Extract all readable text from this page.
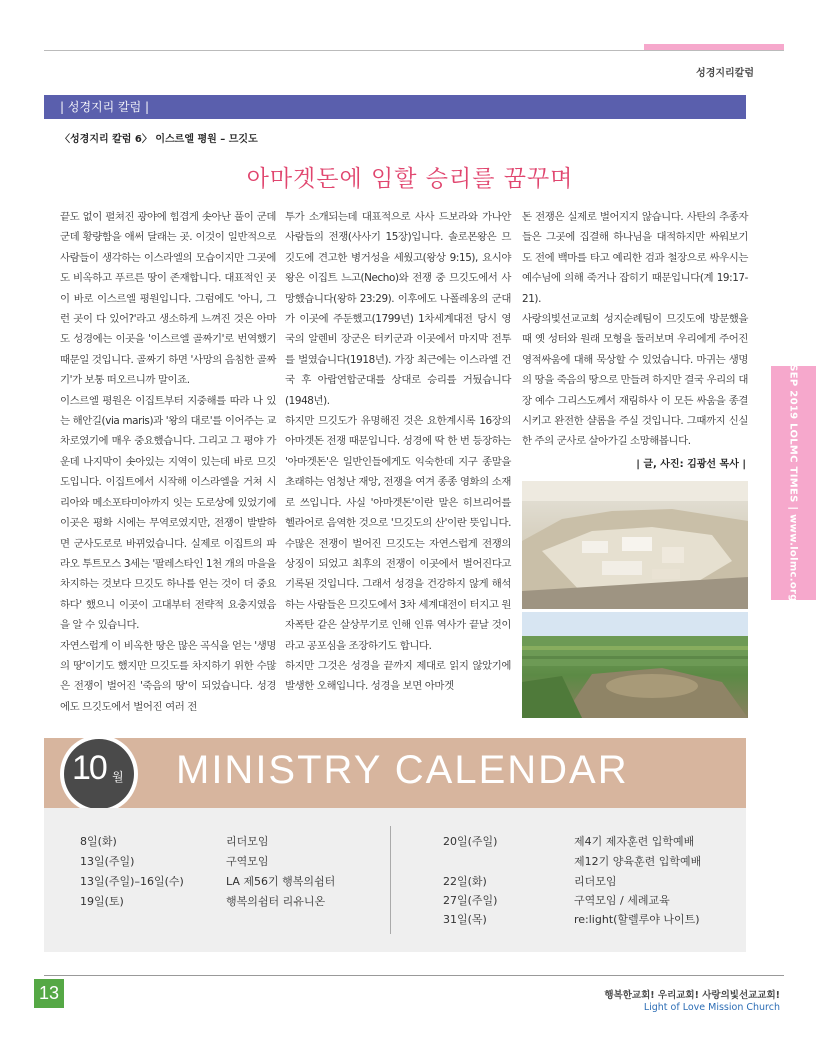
성경지리칼럼
| 성경지리 칼럼 |
〈성경지리 칼럼 6〉 이스르엘 평원 – 므깃도
아마겟돈에 임할 승리를 꿈꾸며
끝도 없이 펼쳐진 광야에 힘겹게 솟아난 풀이 군데군데 황량함을 애써 달래는 곳. 이것이 일반적으로 사람들이 생각하는 이스라엘의 모습이지만 그곳에도 비옥하고 푸르른 땅이 존재합니다. 대표적인 곳이 바로 이스르엘 평원입니다. 그럼에도 '아니, 그런 곳이 다 있어?'라고 생소하게 느껴진 것은 아마도 성경에는 이곳을 '이스르엘 골짜기'로 번역했기 때문일 것입니다. 골짜기 하면 '사망의 음침한 골짜기'가 보통 떠오르니까 말이죠.
이스르엘 평원은 이집트부터 지중해를 따라 나 있는 해안길(via maris)과 '왕의 대로'를 이어주는 교차로였기에 매우 중요했습니다. 그리고 그 평야 가운데 나지막이 솟아있는 지역이 있는데 바로 므깃도입니다. 이집트에서 시작해 이스라엘을 거쳐 시리아와 메소포타미아까지 잇는 도로상에 있었기에 이곳은 평화 시에는 무역로였지만, 전쟁이 발발하면 군사도로로 바뀌었습니다. 실제로 이집트의 파라오 투트모스 3세는 '팔레스타인 1천 개의 마을을 차지하는 것보다 므깃도 하나를 얻는 것이 더 중요하다' 했으니 이곳이 고대부터 전략적 요충지였음을 알 수 있습니다.
자연스럽게 이 비옥한 땅은 많은 곡식을 얻는 '생명의 땅'이기도 했지만 므깃도를 차지하기 위한 수많은 전쟁이 벌어진 '죽음의 땅'이 되었습니다. 성경에도 므깃도에서 벌어진 여러 전
투가 소개되는데 대표적으로 사사 드보라와 가나안 사람들의 전쟁(사사기 15장)입니다. 솔로몬왕은 므깃도에 견고한 병거성을 세웠고(왕상 9:15), 요시야왕은 이집트 느고(Necho)와 전쟁 중 므깃도에서 사망했습니다(왕하 23:29). 이후에도 나폴레옹의 군대가 이곳에 주둔했고(1799년) 1차세계대전 당시 영국의 알렌비 장군은 터키군과 이곳에서 마지막 전투를 벌였습니다(1918년). 가장 최근에는 이스라엘 건국 후 아랍연합군대를 상대로 승리를 거뒀습니다(1948년).
하지만 므깃도가 유명해진 것은 요한계시록 16장의 아마겟돈 전쟁 때문입니다. 성경에 딱 한 번 등장하는 '아마겟돈'은 일반인들에게도 익숙한데 지구 종말을 초래하는 엄청난 재앙, 전쟁을 여겨 종종 영화의 소재로 쓰입니다. 사실 '아마겟돈'이란 말은 히브리어를 헬라어로 음역한 것으로 '므깃도의 산'이란 뜻입니다. 수많은 전쟁이 벌어진 므깃도는 자연스럽게 전쟁의 상징이 되었고 최후의 전쟁이 이곳에서 벌어진다고 기록된 것입니다. 그래서 성경을 건강하지 않게 해석하는 사람들은 므깃도에서 3차 세계대전이 터지고 원자폭탄 같은 살상무기로 인해 인류 역사가 끝날 것이라고 공포심을 조장하기도 합니다.
하지만 그것은 성경을 끝까지 제대로 읽지 않았기에 발생한 오해입니다. 성경을 보면 아마겟
돈 전쟁은 실제로 벌어지지 않습니다. 사탄의 추종자들은 그곳에 집결해 하나님을 대적하지만 싸워보기도 전에 백마를 타고 예리한 검과 철장으로 싸우시는 예수님에 의해 죽거나 잡히기 때문입니다(계 19:17-21).
사랑의빛선교교회 성지순례팀이 므깃도에 방문했을 때 옛 성터와 원래 모형을 둘러보며 우리에게 주어진 영적싸움에 대해 묵상할 수 있었습니다. 마귀는 생명의 땅을 죽음의 땅으로 만들려 하지만 결국 우리의 대장 예수 그리스도께서 재림하사 이 모든 싸움을 종결시키고 완전한 샬롬을 주실 것입니다. 그때까지 신실한 주의 군사로 살아가길 소망해봅니다.
| 글, 사진: 김광선 목사 |	SEP 2019 LOLMC TIMES | www.lolmc.org
10 월 MINISTRY CALENDAR
8일(화)	리더모임
13일(주일)	구역모임
13일(주일)–16일(수)	LA 제56기 행복의쉼터
19일(토)	행복의쉼터 리유니온
20일(주일)	제4기 제자훈련 입학예배
제12기 양육훈련 입학예배
22일(화)	리더모임
27일(주일)	구역모임 / 세례교육
31일(목)	re:light(할렐루야 나이트)
13	행복한교회! 우리교회! 사랑의빛선교교회!
Light of Love Mission Church
